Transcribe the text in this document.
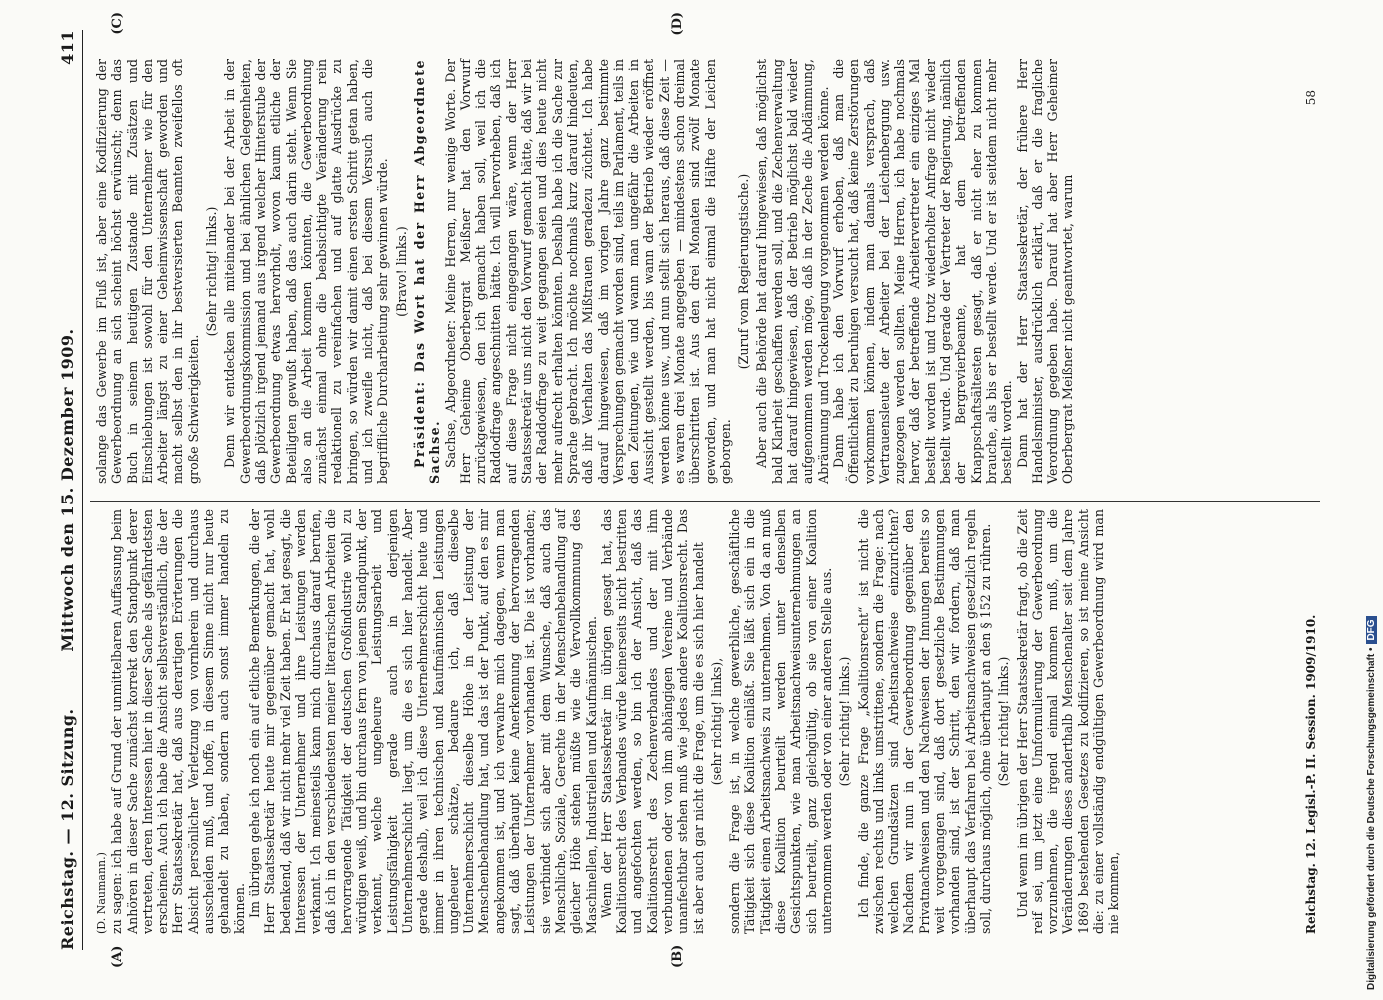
Reichstag. — 12. Sitzung.
Mittwoch den 15. Dezember 1909.
411
(A)	(B)
(C)	(D)

(D. Naumann.) zu sagen: ich habe auf Grund der unmittelbaren Auffassung beim Anhören in dieser Sache zunächst korrekt den Standpunkt derer vertreten, deren Interessen hier in dieser Sache als gefährdetsten erscheinen. Auch ich habe die Ansicht selbstverständlich, die der Herr Staatssekretär hat, daß aus derartigen Erörterungen die Absicht persönlicher Verletzung von vornherein und durchaus ausscheiden muß, und hoffe, in diesem Sinne nicht nur heute gehandelt zu haben, sondern auch sonst immer handeln zu können. Im übrigen gehe ich noch ein auf etliche Bemerkungen, die der Herr Staatssekretär heute mir gegenüber gemacht hat, wohl bedenkend, daß wir nicht mehr viel Zeit haben. Er hat gesagt, die Interessen der Unternehmer und ihre Leistungen werden verkannt. Ich meinesteils kann mich durchaus darauf berufen, daß ich in den verschiedensten meiner literarischen Arbeiten die hervorragende Tätigkeit der deutschen Großindustrie wohl zu würdigen weiß, und bin durchaus fern von jenem Standpunkt, der verkennt, welche ungeheure Leistungsarbeit und Leistungsfähigkeit gerade auch in derjenigen Unternehmerschicht liegt, um die es sich hier handelt. Aber gerade deshalb, weil ich diese Unternehmerschicht heute und immer in ihren technischen und kaufmännischen Leistungen ungeheuer schätze, bedaure ich, daß dieselbe Unternehmerschicht dieselbe Höhe in der Leistung der Menschenbehandlung hat, und das ist der Punkt, auf den es mir angekommen ist, und ich verwahre mich dagegen, wenn man sagt, daß überhaupt keine Anerkennung der hervorragenden Leistungen der Unternehmer vorhanden ist. Die ist vorhanden; sie verbindet sich aber mit dem Wunsche, daß auch das Menschliche, Soziale, Gerechte in der Menschenbehandlung auf gleicher Höhe stehen müßte wie die Vervollkommnung des Maschinellen, Industriellen und Kaufmännischen. Wenn der Herr Staatssekretär im übrigen gesagt hat, das Koalitionsrecht des Verbandes würde keinerseits nicht bestritten und angefochten werden, so bin ich der Ansicht, daß das Koalitionsrecht des Zechenverbandes und der mit ihm verbundenen oder von ihm abhängigen Vereine und Verbände unanfechtbar stehen muß wie jedes andere Koalitionsrecht. Das ist aber auch gar nicht die Frage, um die es sich hier handelt (sehr richtig! links), sondern die Frage ist, in welche gewerbliche, geschäftliche Tätigkeit sich diese Koalition einläßt. Sie läßt sich ein in die Tätigkeit einen Arbeitsnachweis zu unternehmen. Von da an muß diese Koalition beurteilt werden unter denselben Gesichtspunkten, wie man Arbeitsnachweisunternehmungen an sich beurteilt, ganz gleichgültig, ob sie von einer Koalition unternommen werden oder von einer anderen Stelle aus. (Sehr richtig! links.) Ich finde, die ganze Frage „Koalitionsrecht“ ist nicht die zwischen rechts und links umstrittene, sondern die Frage: nach welchen Grundsätzen sind Arbeitsnachweise einzurichten? Nachdem wir nun in der Gewerbeordnung gegenüber den Privatnachweisen und den Nachweisen der Innungen bereits so weit vorgegangen sind, daß dort gesetzliche Bestimmungen vorhanden sind, ist der Schritt, den wir fordern, daß man überhaupt das Verfahren bei Arbeitsnachweisen gesetzlich regeln soll, durchaus möglich, ohne überhaupt an den § 152 zu rühren. (Sehr richtig! links.) Und wenn im übrigen der Herr Staatssekretär fragt, ob die Zeit reif sei, um jetzt eine Umformulierung der Gewerbeordnung vorzunehmen, die irgend einmal kommen muß, um die Veränderungen dieses anderthalb Menschenalter seit dem Jahre 1869 bestehenden Gesetzes zu kodifizieren, so ist meine Ansicht die: zu einer vollständig endgültigen Gewerbeordnung wird man nie kommen,

solange das Gewerbe im Fluß ist, aber eine Kodifizierung der Gewerbeordnung an sich scheint höchst erwünscht; denn das Buch in seinem heutigen Zustande mit Zusätzen und Einschiebungen ist sowohl für den Unternehmer wie für den Arbeiter längst zu einer Geheimwissenschaft geworden und macht selbst den in ihr bestversierten Beamten zweifellos oft große Schwierigkeiten.

(Sehr richtig! links.) Denn wir entdecken alle miteinander bei der Arbeit in der Gewerbeordnungskommission und bei ähnlichen Gelegenheiten, daß plötzlich irgend jemand aus irgend welcher Hinterstube der Gewerbeordnung etwas hervorholt, wovon kaum etliche der Beteiligten gewußt haben, daß das auch darin steht. Wenn Sie also an die Arbeit kommen könnten, die Gewerbeordnung zunächst einmal ohne die beabsichtigte Veränderung rein redaktionell zu vereinfachen und auf glatte Ausdrücke zu bringen, so würden wir damit einen ersten Schritt getan haben, und ich zweifle nicht, daß bei diesem Versuch auch die begriffliche Durcharbeitung sehr gewinnen würde. (Bravo! links.) Präsident: Das Wort hat der Herr Abgeordnete Sachse. Sachse, Abgeordneter: Meine Herren, nur wenige Worte. Der Herr Geheime Oberbergrat Meißner hat den Vorwurf zurückgewiesen, den ich gemacht haben soll, weil ich die Raddodfrage angeschnitten hätte. Ich will hervorheben, daß ich auf diese Frage nicht eingegangen wäre, wenn der Herr Staatssekretär uns nicht den Vorwurf gemacht hätte, daß wir bei der Raddodfrage zu weit gegangen seien und dies heute nicht mehr aufrecht erhalten könnten. Deshalb habe ich die Sache zur Sprache gebracht. Ich möchte nochmals kurz darauf hindeuten, daß ihr Verhalten das Mißtrauen geradezu züchtet. Ich habe darauf hingewiesen, daß im vorigen Jahre ganz bestimmte Versprechungen gemacht worden sind, teils im Parlament, teils in den Zeitungen, wie und wann man ungefähr die Arbeiten in Aussicht gestellt werden, bis wann der Betrieb wieder eröffnet werden könne usw., und nun stellt sich heraus, daß diese Zeit — es waren drei Monate angegeben — mindestens schon dreimal überschritten ist. Aus den drei Monaten sind zwölf Monate geworden, und man hat nicht einmal die Hälfte der Leichen geborgen.

(Zuruf vom Regierungstische.) Aber auch die Behörde hat darauf hingewiesen, daß möglichst bald Klarheit geschaffen werden soll, und die Zechenverwaltung hat darauf hingewiesen, daß der Betrieb möglichst bald wieder aufgenommen werden möge, daß in der Zeche die Abdämmung, Abräumung und Trockenlegung vorgenommen werden könne. Dann habe ich den Vorwurf erhoben, daß man die Öffentlichkeit zu beruhigen versucht hat, daß keine Zerstörungen vorkommen können, indem man damals versprach, daß Vertrauensleute der Arbeiter bei der Leichenbergung usw. zugezogen werden sollten. Meine Herren, ich habe nochmals hervor, daß der betreffende Arbeitervertreter ein einziges Mal bestellt worden ist und trotz wiederholter Anfrage nicht wieder bestellt wurde. Und gerade der Vertreter der Regierung, nämlich der Bergrevierbeamte, hat dem betreffenden Knappschaftsältesten gesagt, daß er nicht eher zu kommen brauche, als bis er bestellt werde. Und er ist seitdem nicht mehr bestellt worden. Dann hat der Herr Staatssekretär, der frühere Herr Handelsminister, ausdrücklich erklärt, daß er die fragliche Verordnung gegeben habe. Darauf hat aber Herr Geheimer Oberbergrat Meißner nicht geantwortet, warum

Reichstag. 12. Legisl.-P. II. Session. 1909/1910.
58
Digitalisierung gefördert durch die Deutsche Forschungsgemeinschaft •DFG
